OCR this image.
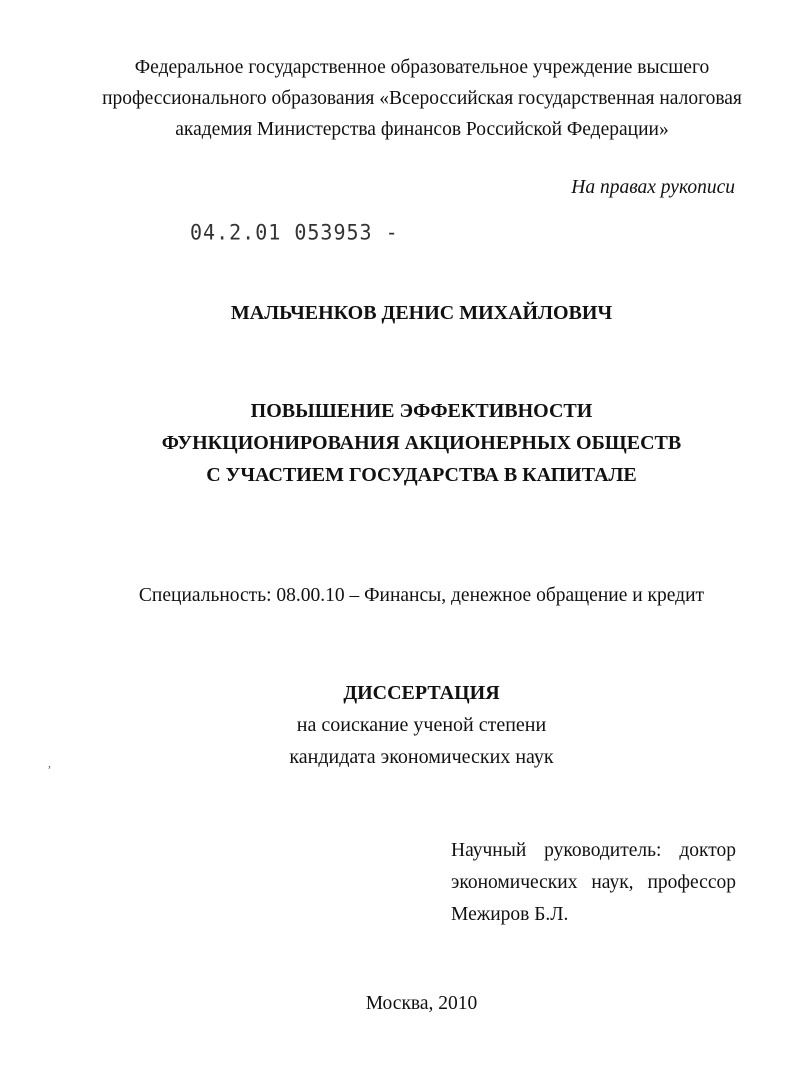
Федеральное государственное образовательное учреждение высшего
профессионального образования «Всероссийская государственная налоговая
академия Министерства финансов Российской Федерации»
На правах рукописи
04.2.01 053953 -
МАЛЬЧЕНКОВ ДЕНИС МИХАЙЛОВИЧ
ПОВЫШЕНИЕ ЭФФЕКТИВНОСТИ
ФУНКЦИОНИРОВАНИЯ АКЦИОНЕРНЫХ ОБЩЕСТВ
С УЧАСТИЕМ ГОСУДАРСТВА В КАПИТАЛЕ
Специальность: 08.00.10 – Финансы, денежное обращение и кредит
ДИССЕРТАЦИЯ
на соискание ученой степени
кандидата экономических наук
,
Научный руководитель: доктор
экономических наук, профессор
Межиров Б.Л.
Москва, 2010
